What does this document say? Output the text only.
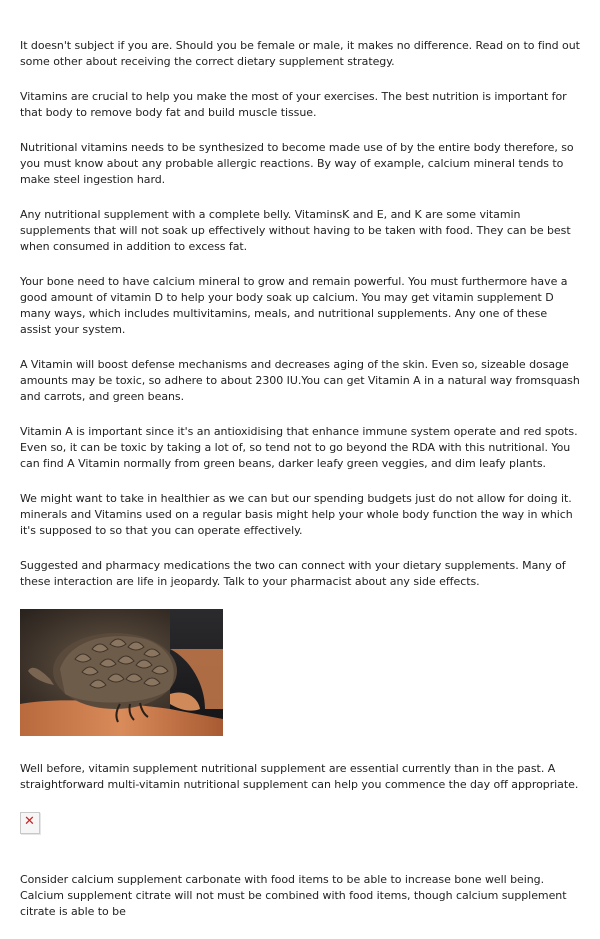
It doesn't subject if you are. Should you be female or male, it makes no difference. Read on to find out some other about receiving the correct dietary supplement strategy.

Vitamins are crucial to help you make the most of your exercises. The best nutrition is important for that body to remove body fat and build muscle tissue.

Nutritional vitamins needs to be synthesized to become made use of by the entire body therefore, so you must know about any probable allergic reactions. By way of example, calcium mineral tends to make steel ingestion hard.

Any nutritional supplement with a complete belly. VitaminsK and E, and K are some vitamin supplements that will not soak up effectively without having to be taken with food. They can be best when consumed in addition to excess fat.

Your bone need to have calcium mineral to grow and remain powerful. You must furthermore have a good amount of vitamin D to help your body soak up calcium. You may get vitamin supplement D many ways, which includes multivitamins, meals, and nutritional supplements. Any one of these assist your system.

A Vitamin will boost defense mechanisms and decreases aging of the skin. Even so, sizeable dosage amounts may be toxic, so adhere to about 2300 IU.You can get Vitamin A in a natural way fromsquash and carrots, and green beans.

Vitamin A is important since it's an antioxidising that enhance immune system operate and red spots. Even so, it can be toxic by taking a lot of, so tend not to go beyond the RDA with this nutritional. You can find A Vitamin normally from green beans, darker leafy green veggies, and dim leafy plants.

We might want to take in healthier as we can but our spending budgets just do not allow for doing it. minerals and Vitamins used on a regular basis might help your whole body function the way in which it's supposed to so that you can operate effectively.

Suggested and pharmacy medications the two can connect with your dietary supplements. Many of these interaction are life in jeopardy. Talk to your pharmacist about any side effects.

Well before, vitamin supplement nutritional supplement are essential currently than in the past. A straightforward multi-vitamin nutritional supplement can help you commence the day off appropriate.

✕

Consider calcium supplement carbonate with food items to be able to increase bone well being. Calcium supplement citrate will not must be combined with food items, though calcium supplement citrate is able to be
